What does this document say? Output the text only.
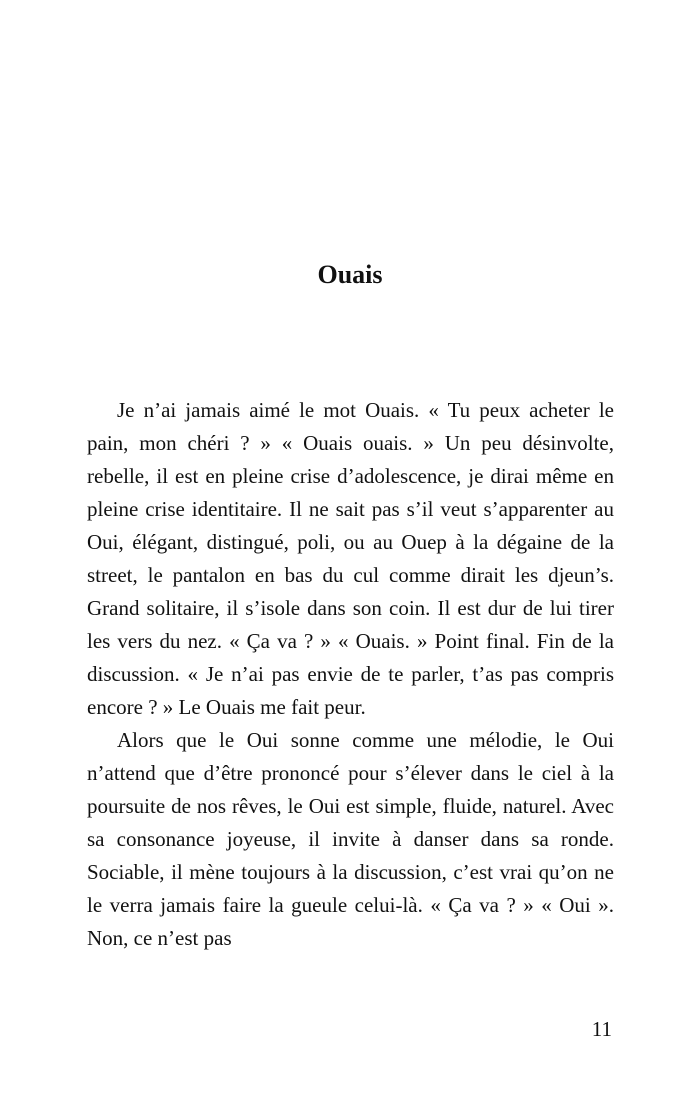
Ouais

Je n’ai jamais aimé le mot Ouais. « Tu peux acheter le pain, mon chéri ? » « Ouais ouais. » Un peu désinvolte, rebelle, il est en pleine crise d’adolescence, je dirai même en pleine crise identitaire. Il ne sait pas s’il veut s’apparenter au Oui, élégant, distingué, poli, ou au Ouep à la dégaine de la street, le pantalon en bas du cul comme dirait les djeun’s. Grand solitaire, il s’isole dans son coin. Il est dur de lui tirer les vers du nez. « Ça va ? » « Ouais. » Point final. Fin de la discussion. « Je n’ai pas envie de te parler, t’as pas compris encore ? » Le Ouais me fait peur.

Alors que le Oui sonne comme une mélodie, le Oui n’attend que d’être prononcé pour s’élever dans le ciel à la poursuite de nos rêves, le Oui est simple, fluide, naturel. Avec sa consonance joyeuse, il invite à danser dans sa ronde. Sociable, il mène toujours à la discussion, c’est vrai qu’on ne le verra jamais faire la gueule celui-là. « Ça va ? » « Oui ». Non, ce n’est pas

11
